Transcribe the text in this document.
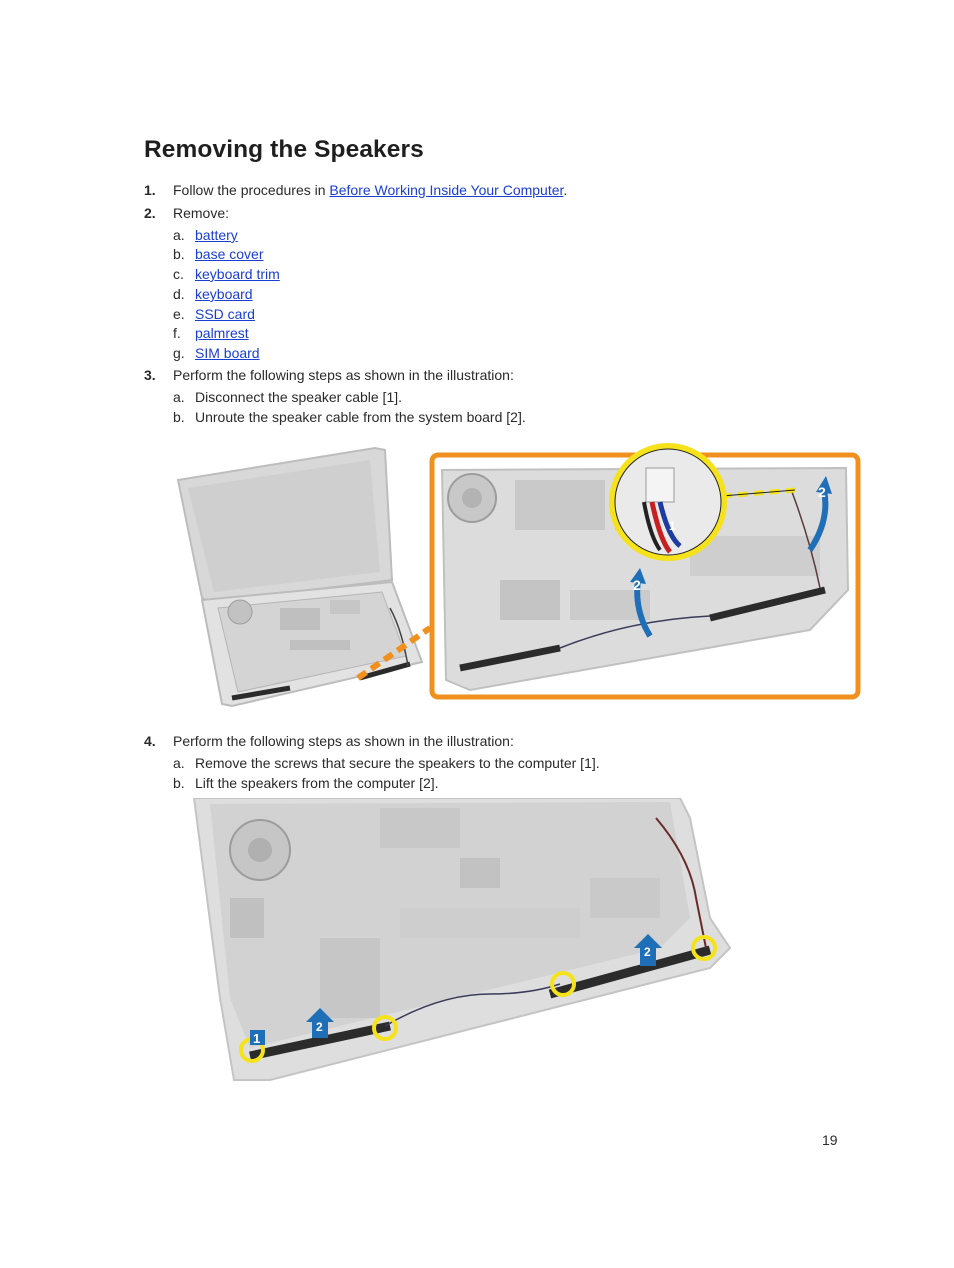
Removing the Speakers
1. Follow the procedures in Before Working Inside Your Computer.
2. Remove:
a. battery
b. base cover
c. keyboard trim
d. keyboard
e. SSD card
f. palmrest
g. SIM board
3. Perform the following steps as shown in the illustration:
a. Disconnect the speaker cable [1].
b. Unroute the speaker cable from the system board [2].
2
2
1
4. Perform the following steps as shown in the illustration:
a. Remove the screws that secure the speakers to the computer [1].
b. Lift the speakers from the computer [2].
1
2
2
19
